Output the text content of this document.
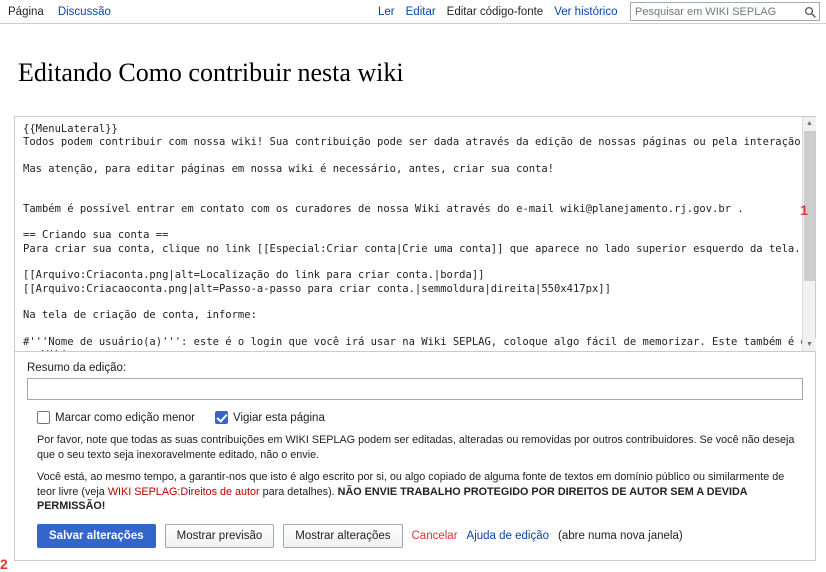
Página Discussão	Ler Editar Editar código-fonte Ver histórico
Pesquisar em WIKI SEPLAG
Editando Como contribuir nesta wiki
{{MenuLateral}} Todos podem contribuir com nossa wiki! Sua contribuição pode ser dada através da edição de nossas páginas ou pela interação na página de discussão. Mas atenção, para editar páginas em nossa wiki é necessário, antes, criar sua conta! Também é possível entrar em contato com os curadores de nossa Wiki através do e-mail wiki@planejamento.rj.gov.br . == Criando sua conta == Para criar sua conta, clique no link [[Especial:Criar conta|Crie uma conta]] que aparece no lado superior esquerdo da tela. [[Arquivo:Criaconta.png|alt=Localização do link para criar conta.|borda]] [[Arquivo:Criacaoconta.png|alt=Passo-a-passo para criar conta.|semmoldura|direita|550x417px]] Na tela de criação de conta, informe: #'''Nome de usuário(a)''': este é o login que você irá usar na Wiki SEPLAG, coloque algo fácil de memorizar. Este também é o nome que aparecerá atrelado às suas edições na Wiki; #'''Senha''': esta é a senha que você irá usar para acessar a wiki, procure misturar letras e números e não usar a mesma senha de outros sistemas, como o SEI-RJ e seu e- mail; #'''Confirmar senha''': basta repetir a senha que preencheu no campo anterior ;) #'''Endereço de e-mail''': informe seu endereço de e-mail te permite receber informações sobre interações com seu usuário na wiki e realizar recuperação de senha, então não deixe de informá-lo; #'''Nome real''': este campo é opcional.
▲
▼
Resumo da edição:
Marcar como edição menor	Vigiar esta página

Por favor, note que todas as suas contribuições em WIKI SEPLAG podem ser editadas, alteradas ou removidas por outros contribuidores. Se você não deseja que o seu texto seja inexoravelmente editado, não o envie.

Você está, ao mesmo tempo, a garantir-nos que isto é algo escrito por si, ou algo copiado de alguma fonte de textos em domínio público ou similarmente de teor livre (veja WIKI SEPLAG:Direitos de autor para detalhes). NÃO ENVIE TRABALHO PROTEGIDO POR DIREITOS DE AUTOR SEM A DEVIDA PERMISSÃO!

Salvar alterações	Mostrar previsão	Mostrar alterações	Cancelar Ajuda de edição (abre numa nova janela)
1
2
